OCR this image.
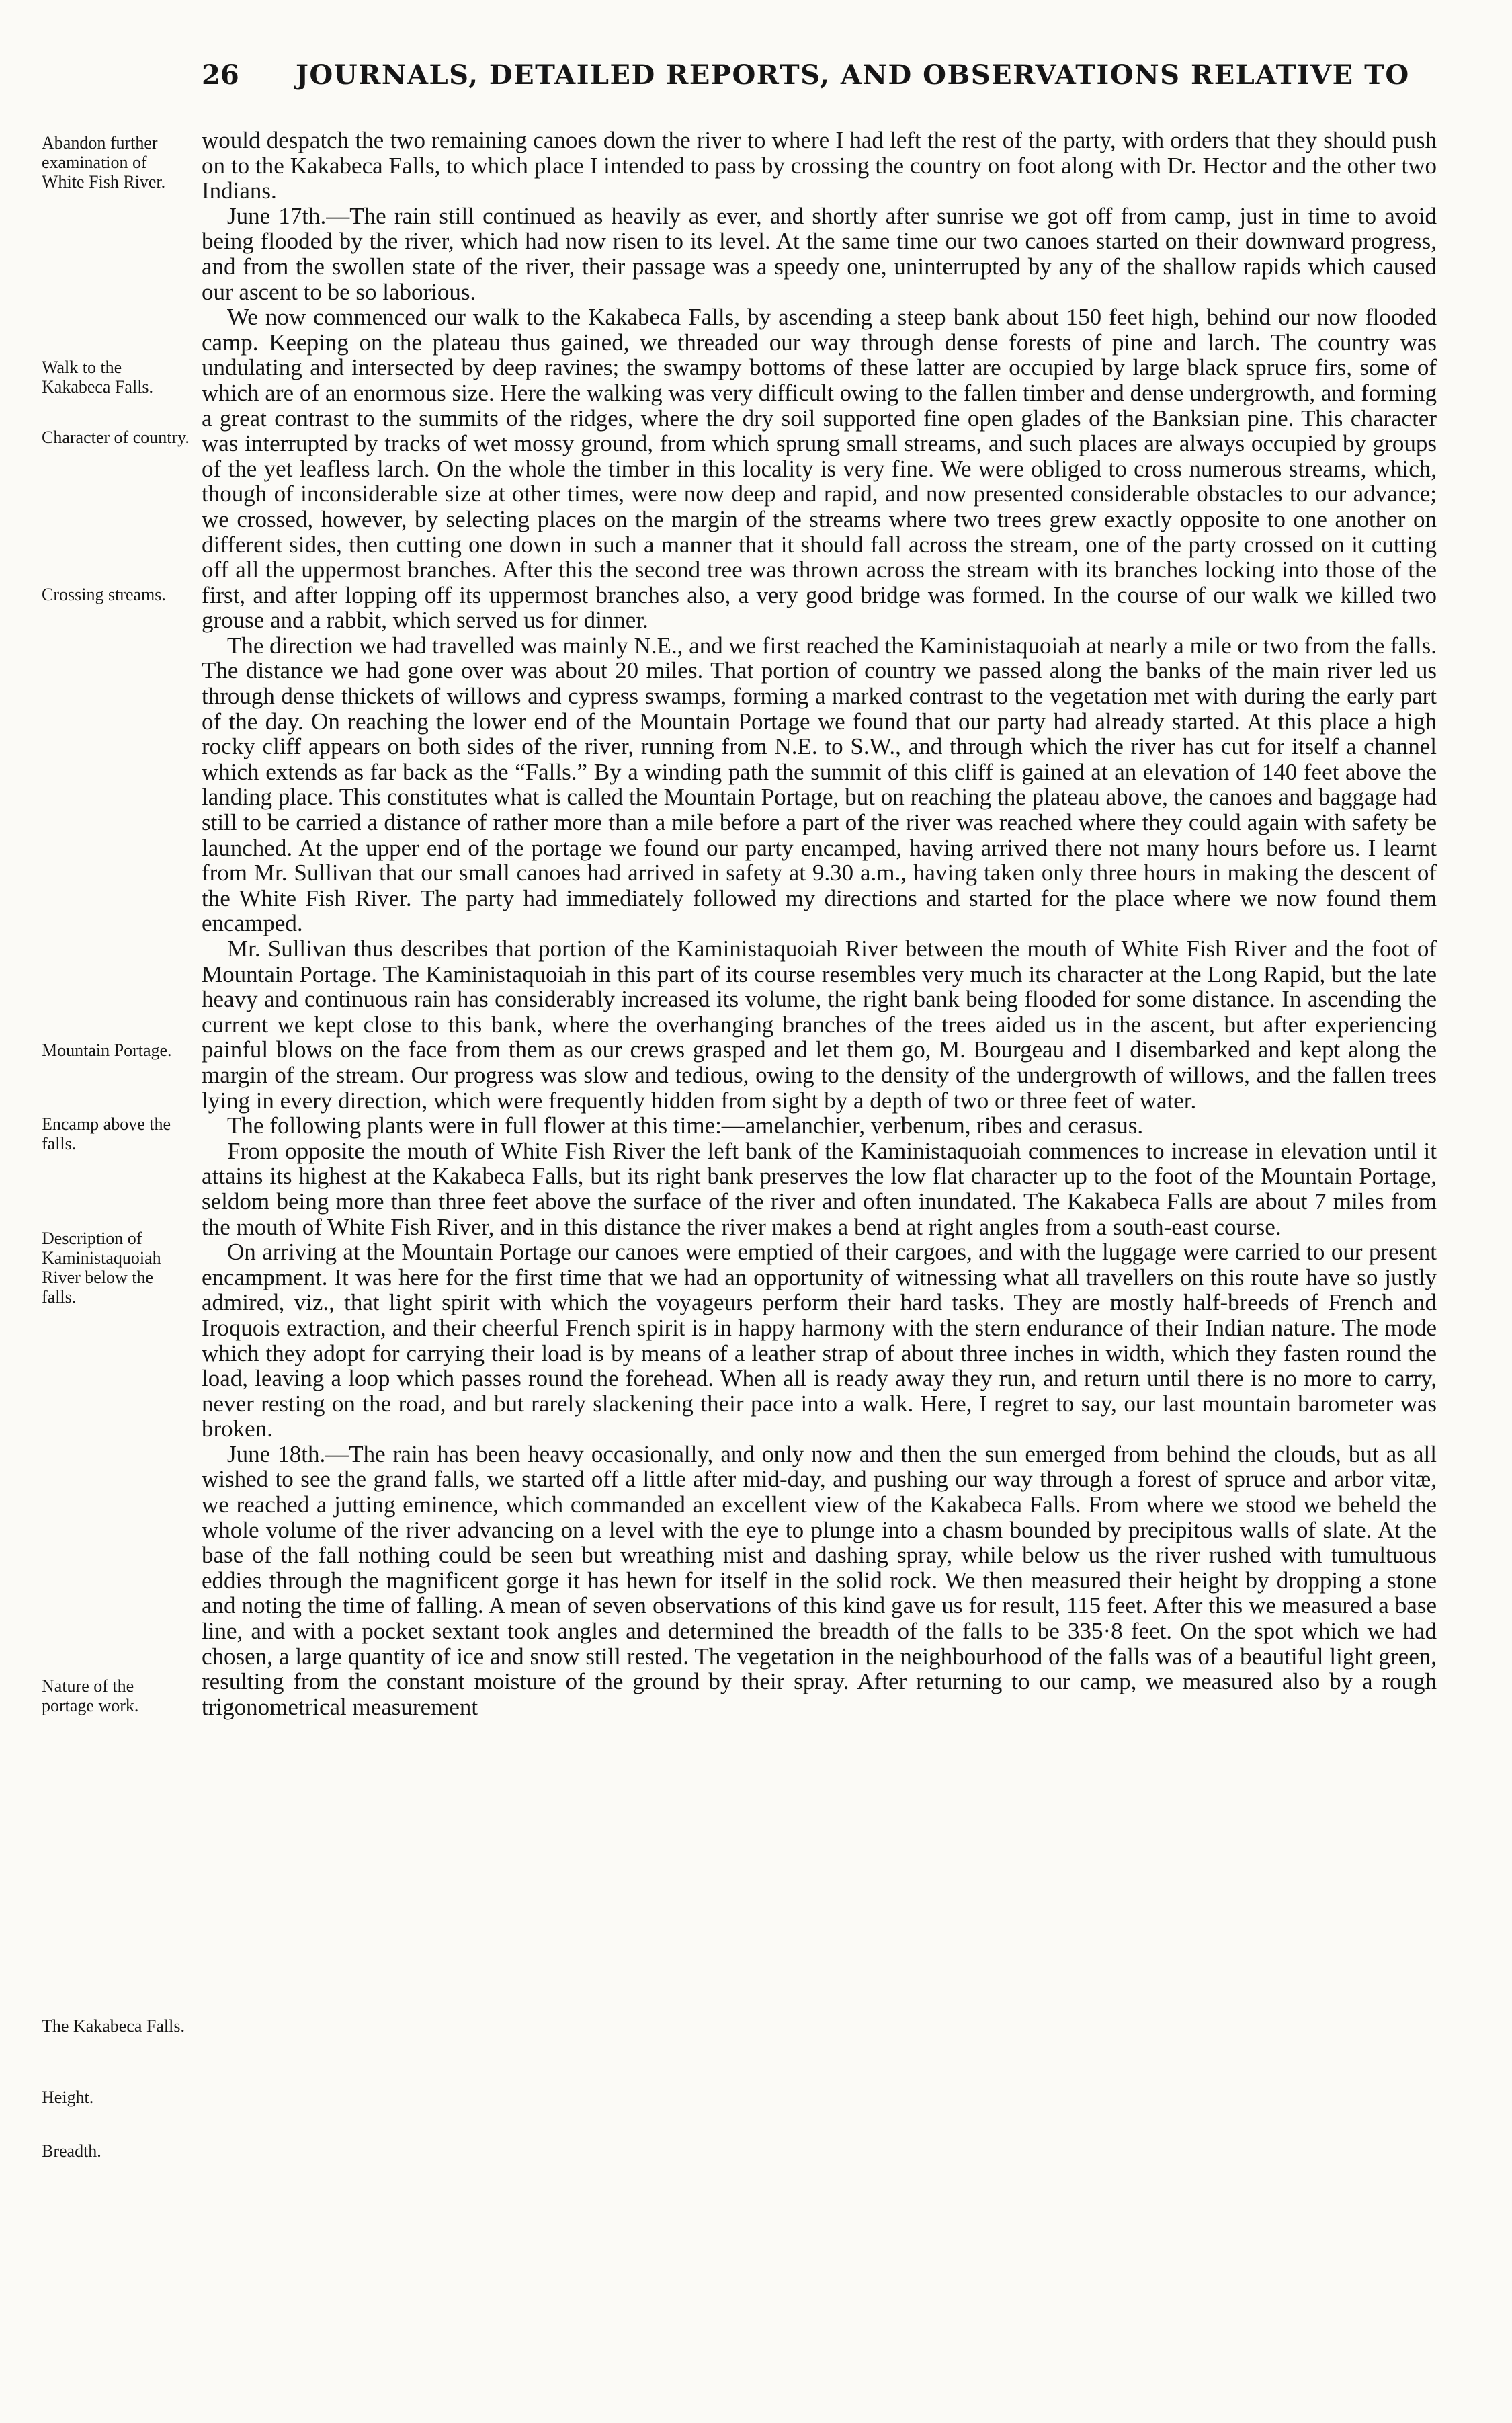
26 JOURNALS, DETAILED REPORTS, AND OBSERVATIONS RELATIVE TO
Abandon further examination of White Fish River.
Walk to the Kakabeca Falls.
Character of country.
Crossing streams.
Mountain Portage.
Encamp above the falls.
Description of Kaministaquoiah River below the falls.
Nature of the portage work.
The Kakabeca Falls.
Height.
Breadth.

would despatch the two remaining canoes down the river to where I had left the rest of the party, with orders that they should push on to the Kakabeca Falls, to which place I intended to pass by crossing the country on foot along with Dr. Hector and the other two Indians.

June 17th.—The rain still continued as heavily as ever, and shortly after sunrise we got off from camp, just in time to avoid being flooded by the river, which had now risen to its level. At the same time our two canoes started on their downward progress, and from the swollen state of the river, their passage was a speedy one, uninterrupted by any of the shallow rapids which caused our ascent to be so laborious.

We now commenced our walk to the Kakabeca Falls, by ascending a steep bank about 150 feet high, behind our now flooded camp. Keeping on the plateau thus gained, we threaded our way through dense forests of pine and larch. The country was undulating and intersected by deep ravines; the swampy bottoms of these latter are occupied by large black spruce firs, some of which are of an enormous size. Here the walking was very difficult owing to the fallen timber and dense undergrowth, and forming a great contrast to the summits of the ridges, where the dry soil supported fine open glades of the Banksian pine. This character was interrupted by tracks of wet mossy ground, from which sprung small streams, and such places are always occupied by groups of the yet leafless larch. On the whole the timber in this locality is very fine. We were obliged to cross numerous streams, which, though of inconsiderable size at other times, were now deep and rapid, and now presented considerable obstacles to our advance; we crossed, however, by selecting places on the margin of the streams where two trees grew exactly opposite to one another on different sides, then cutting one down in such a manner that it should fall across the stream, one of the party crossed on it cutting off all the uppermost branches. After this the second tree was thrown across the stream with its branches locking into those of the first, and after lopping off its uppermost branches also, a very good bridge was formed. In the course of our walk we killed two grouse and a rabbit, which served us for dinner.

The direction we had travelled was mainly N.E., and we first reached the Kaministaquoiah at nearly a mile or two from the falls. The distance we had gone over was about 20 miles. That portion of country we passed along the banks of the main river led us through dense thickets of willows and cypress swamps, forming a marked contrast to the vegetation met with during the early part of the day. On reaching the lower end of the Mountain Portage we found that our party had already started. At this place a high rocky cliff appears on both sides of the river, running from N.E. to S.W., and through which the river has cut for itself a channel which extends as far back as the “Falls.” By a winding path the summit of this cliff is gained at an elevation of 140 feet above the landing place. This constitutes what is called the Mountain Portage, but on reaching the plateau above, the canoes and baggage had still to be carried a distance of rather more than a mile before a part of the river was reached where they could again with safety be launched. At the upper end of the portage we found our party encamped, having arrived there not many hours before us. I learnt from Mr. Sullivan that our small canoes had arrived in safety at 9.30 a.m., having taken only three hours in making the descent of the White Fish River. The party had immediately followed my directions and started for the place where we now found them encamped.

Mr. Sullivan thus describes that portion of the Kaministaquoiah River between the mouth of White Fish River and the foot of Mountain Portage. The Kaministaquoiah in this part of its course resembles very much its character at the Long Rapid, but the late heavy and continuous rain has considerably increased its volume, the right bank being flooded for some distance. In ascending the current we kept close to this bank, where the overhanging branches of the trees aided us in the ascent, but after experiencing painful blows on the face from them as our crews grasped and let them go, M. Bourgeau and I disembarked and kept along the margin of the stream. Our progress was slow and tedious, owing to the density of the undergrowth of willows, and the fallen trees lying in every direction, which were frequently hidden from sight by a depth of two or three feet of water.

The following plants were in full flower at this time:—amelanchier, verbenum, ribes and cerasus.

From opposite the mouth of White Fish River the left bank of the Kaministaquoiah commences to increase in elevation until it attains its highest at the Kakabeca Falls, but its right bank preserves the low flat character up to the foot of the Mountain Portage, seldom being more than three feet above the surface of the river and often inundated. The Kakabeca Falls are about 7 miles from the mouth of White Fish River, and in this distance the river makes a bend at right angles from a south-east course.

On arriving at the Mountain Portage our canoes were emptied of their cargoes, and with the luggage were carried to our present encampment. It was here for the first time that we had an opportunity of witnessing what all travellers on this route have so justly admired, viz., that light spirit with which the voyageurs perform their hard tasks. They are mostly half-breeds of French and Iroquois extraction, and their cheerful French spirit is in happy harmony with the stern endurance of their Indian nature. The mode which they adopt for carrying their load is by means of a leather strap of about three inches in width, which they fasten round the load, leaving a loop which passes round the forehead. When all is ready away they run, and return until there is no more to carry, never resting on the road, and but rarely slackening their pace into a walk. Here, I regret to say, our last mountain barometer was broken.

June 18th.—The rain has been heavy occasionally, and only now and then the sun emerged from behind the clouds, but as all wished to see the grand falls, we started off a little after mid-day, and pushing our way through a forest of spruce and arbor vitæ, we reached a jutting eminence, which commanded an excellent view of the Kakabeca Falls. From where we stood we beheld the whole volume of the river advancing on a level with the eye to plunge into a chasm bounded by precipitous walls of slate. At the base of the fall nothing could be seen but wreathing mist and dashing spray, while below us the river rushed with tumultuous eddies through the magnificent gorge it has hewn for itself in the solid rock. We then measured their height by dropping a stone and noting the time of falling. A mean of seven observations of this kind gave us for result, 115 feet. After this we measured a base line, and with a pocket sextant took angles and determined the breadth of the falls to be 335·8 feet. On the spot which we had chosen, a large quantity of ice and snow still rested. The vegetation in the neighbourhood of the falls was of a beautiful light green, resulting from the constant moisture of the ground by their spray. After returning to our camp, we measured also by a rough trigonometrical measurement
